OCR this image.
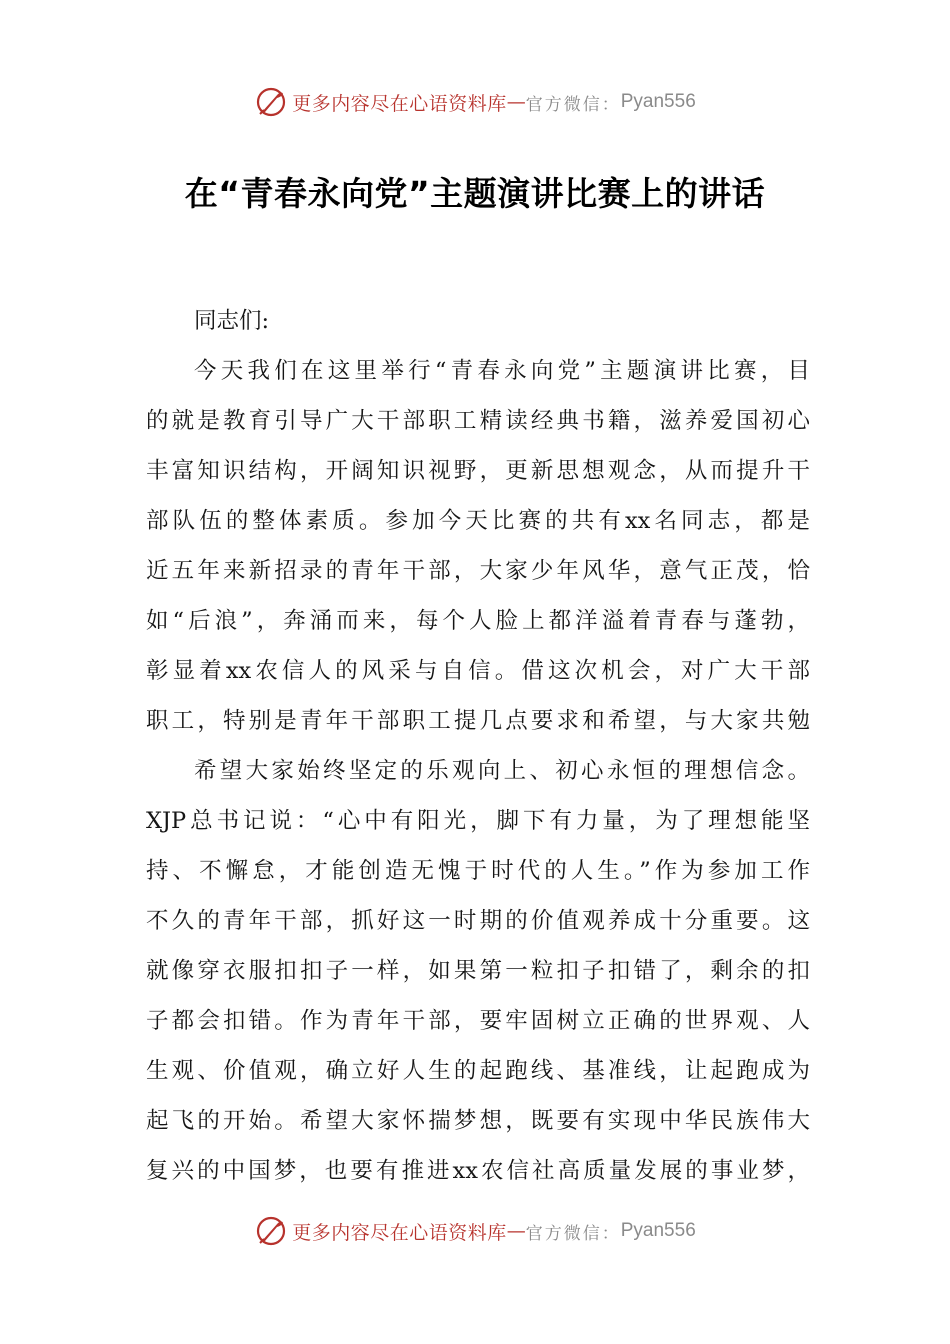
更多内容尽在心语资料库 — 官方微信： Pyan556
在“青春永向党”主题演讲比赛上的讲话
同志们:
今天我们在这里举行“青春永向党”主题演讲比赛，目
的就是教育引导广大干部职工精读经典书籍，滋养爱国初心
丰富知识结构，开阔知识视野，更新思想观念，从而提升干
部队伍的整体素质。参加今天比赛的共有xx名同志，都是
近五年来新招录的青年干部，大家少年风华，意气正茂，恰
如“后浪”，奔涌而来，每个人脸上都洋溢着青春与蓬勃，
彰显着xx农信人的风采与自信。借这次机会，对广大干部
职工，特别是青年干部职工提几点要求和希望，与大家共勉
希望大家始终坚定的乐观向上、初心永恒的理想信念。
XJP总书记说：“心中有阳光，脚下有力量，为了理想能坚
持、不懈怠，才能创造无愧于时代的人生。”作为参加工作
不久的青年干部，抓好这一时期的价值观养成十分重要。这
就像穿衣服扣扣子一样，如果第一粒扣子扣错了，剩余的扣
子都会扣错。作为青年干部，要牢固树立正确的世界观、人
生观、价值观，确立好人生的起跑线、基准线，让起跑成为
起飞的开始。希望大家怀揣梦想，既要有实现中华民族伟大
复兴的中国梦，也要有推进xx农信社高质量发展的事业梦，
更多内容尽在心语资料库 — 官方微信： Pyan556
